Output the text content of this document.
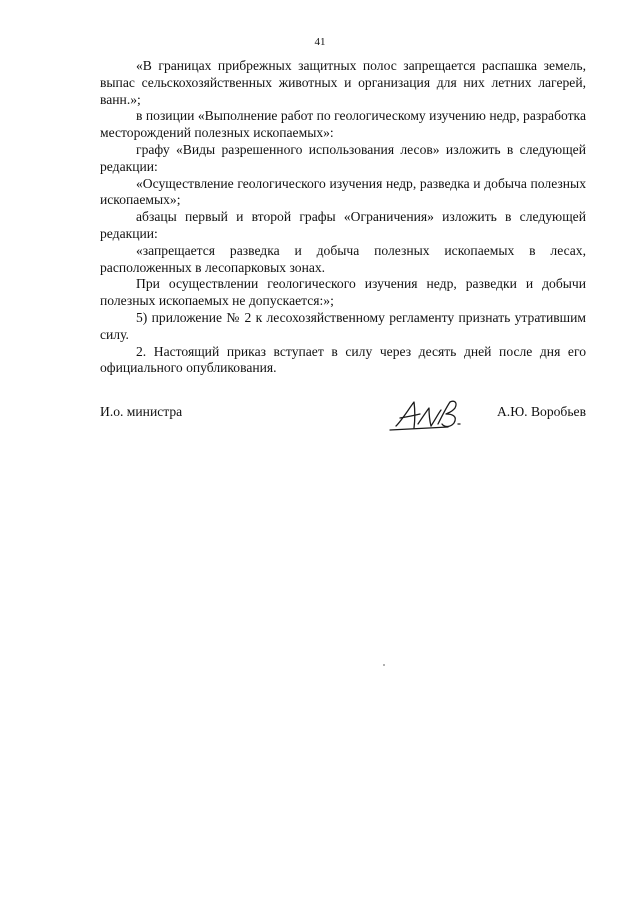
41

«В границах прибрежных защитных полос запрещается распашка земель, выпас сельскохозяйственных животных и организация для них летних лагерей, ванн.»;

в позиции «Выполнение работ по геологическому изучению недр, разработка месторождений полезных ископаемых»:

графу «Виды разрешенного использования лесов» изложить в следующей редакции:

«Осуществление геологического изучения недр, разведка и добыча полезных ископаемых»;

абзацы первый и второй графы «Ограничения» изложить в следующей редакции:

«запрещается разведка и добыча полезных ископаемых в лесах, расположенных в лесопарковых зонах.

При осуществлении геологического изучения недр, разведки и добычи полезных ископаемых не допускается:»;

5) приложение № 2 к лесохозяйственному регламенту признать утратившим силу.

2. Настоящий приказ вступает в силу через десять дней после дня его официального опубликования.

И.о. министра	А.Ю. Воробьев
